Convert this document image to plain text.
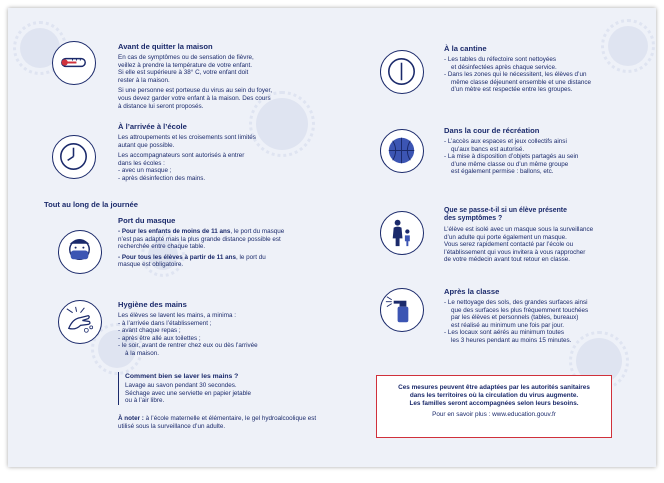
Avant de quitter la maison

En cas de symptômes ou de sensation de fièvre,
veillez à prendre la température de votre enfant.
Si elle est supérieure à 38° C, votre enfant doit
rester à la maison.
Si une personne est porteuse du virus au sein du foyer,
vous devez garder votre enfant à la maison. Des cours
à distance lui seront proposés.

À l’arrivée à l’école

Les attroupements et les croisements sont limités
autant que possible.
Les accompagnateurs sont autorisés à entrer
dans les écoles :
- avec un masque ;
- après désinfection des mains.
Tout au long de la journée

Port du masque

- Pour les enfants de moins de 11 ans, le port du masque n’est pas adapté mais la plus grande distance possible est recherchée entre chaque table.

- Pour tous les élèves à partir de 11 ans, le port du masque est obligatoire.

Hygiène des mains

Les élèves se lavent les mains, a minima :
- à l’arrivée dans l’établissement ;
- avant chaque repas ;
- après être allé aux toilettes ;
- le soir, avant de rentrer chez eux ou dès l’arrivée
à la maison.

Comment bien se laver les mains ?

Lavage au savon pendant 30 secondes.
Séchage avec une serviette en papier jetable
ou à l’air libre.

À noter : à l’école maternelle et élémentaire, le gel hydroalcoolique est utilisé sous la surveillance d’un adulte.

À la cantine

- Les tables du réfectoire sont nettoyées
et désinfectées après chaque service.
- Dans les zones qui le nécessitent, les élèves d’un
même classe déjeunent ensemble et une distance
d’un mètre est respectée entre les groupes.

Dans la cour de récréation

- L’accès aux espaces et jeux collectifs ainsi
qu’aux bancs est autorisé.
- La mise à disposition d’objets partagés au sein
d’une même classe ou d’un même groupe
est également permise : ballons, etc.

Que se passe-t-il si un élève présente
des symptômes ?

L’élève est isolé avec un masque sous la surveillance
d’un adulte qui porte également un masque.
Vous serez rapidement contacté par l’école ou
l’établissement qui vous invitera à vous rapprocher
de votre médecin avant tout retour en classe.

Après la classe

- Le nettoyage des sols, des grandes surfaces ainsi
que des surfaces les plus fréquemment touchées
par les élèves et personnels (tables, bureaux)
est réalisé au minimum une fois par jour.
- Les locaux sont aérés au minimum toutes
les 3 heures pendant au moins 15 minutes.

Ces mesures peuvent être adaptées par les autorités sanitaires

dans les territoires où la circulation du virus augmente.

Les familles seront accompagnées selon leurs besoins.

Pour en savoir plus : www.education.gouv.fr
